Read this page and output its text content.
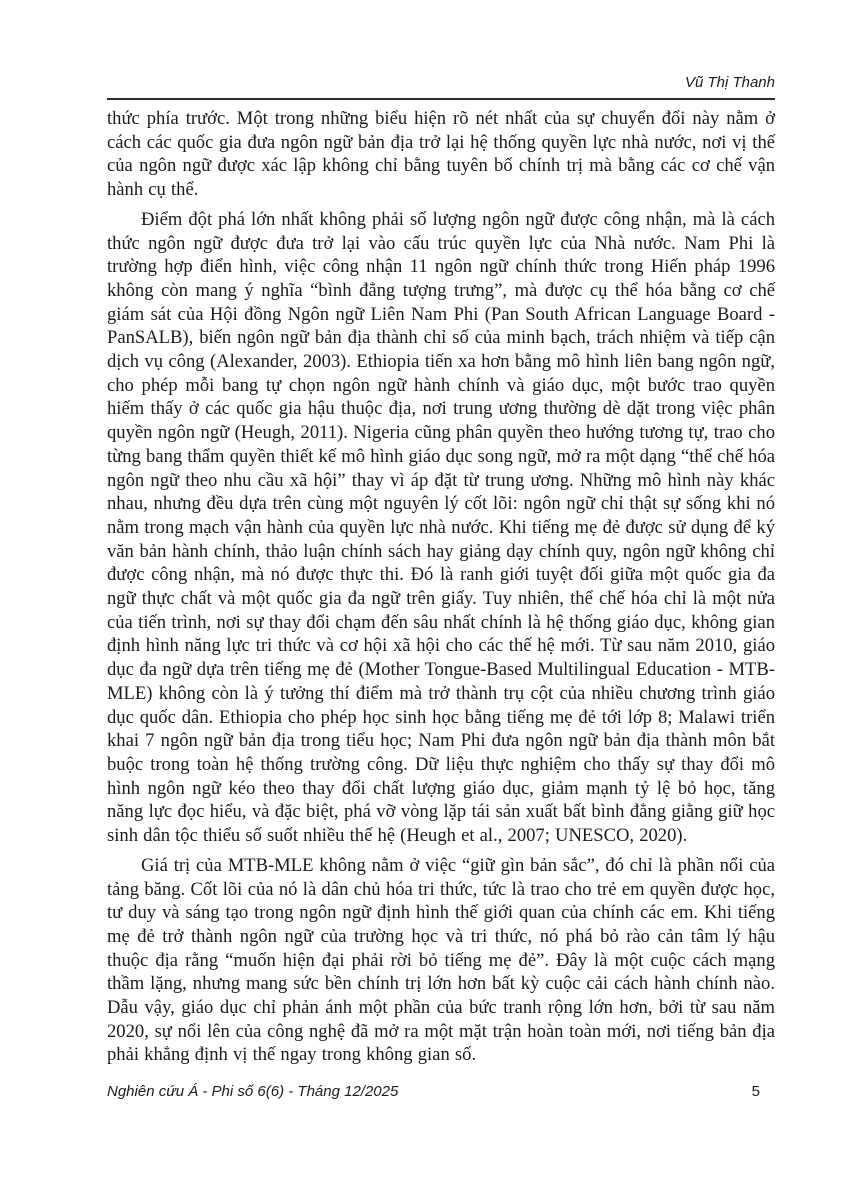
Vũ Thị Thanh

thức phía trước. Một trong những biểu hiện rõ nét nhất của sự chuyển đổi này nằm ở cách các quốc gia đưa ngôn ngữ bản địa trở lại hệ thống quyền lực nhà nước, nơi vị thế của ngôn ngữ được xác lập không chỉ bằng tuyên bố chính trị mà bằng các cơ chế vận hành cụ thể.

Điểm đột phá lớn nhất không phải số lượng ngôn ngữ được công nhận, mà là cách thức ngôn ngữ được đưa trở lại vào cấu trúc quyền lực của Nhà nước. Nam Phi là trường hợp điển hình, việc công nhận 11 ngôn ngữ chính thức trong Hiến pháp 1996 không còn mang ý nghĩa “bình đẳng tượng trưng”, mà được cụ thể hóa bằng cơ chế giám sát của Hội đồng Ngôn ngữ Liên Nam Phi (Pan South African Language Board - PanSALB), biến ngôn ngữ bản địa thành chỉ số của minh bạch, trách nhiệm và tiếp cận dịch vụ công (Alexander, 2003). Ethiopia tiến xa hơn bằng mô hình liên bang ngôn ngữ, cho phép mỗi bang tự chọn ngôn ngữ hành chính và giáo dục, một bước trao quyền hiếm thấy ở các quốc gia hậu thuộc địa, nơi trung ương thường dè dặt trong việc phân quyền ngôn ngữ (Heugh, 2011). Nigeria cũng phân quyền theo hướng tương tự, trao cho từng bang thẩm quyền thiết kế mô hình giáo dục song ngữ, mở ra một dạng “thể chế hóa ngôn ngữ theo nhu cầu xã hội” thay vì áp đặt từ trung ương. Những mô hình này khác nhau, nhưng đều dựa trên cùng một nguyên lý cốt lõi: ngôn ngữ chỉ thật sự sống khi nó nằm trong mạch vận hành của quyền lực nhà nước. Khi tiếng mẹ đẻ được sử dụng để ký văn bản hành chính, thảo luận chính sách hay giảng dạy chính quy, ngôn ngữ không chỉ được công nhận, mà nó được thực thi. Đó là ranh giới tuyệt đối giữa một quốc gia đa ngữ thực chất và một quốc gia đa ngữ trên giấy. Tuy nhiên, thể chế hóa chỉ là một nửa của tiến trình, nơi sự thay đổi chạm đến sâu nhất chính là hệ thống giáo dục, không gian định hình năng lực tri thức và cơ hội xã hội cho các thế hệ mới. Từ sau năm 2010, giáo dục đa ngữ dựa trên tiếng mẹ đẻ (Mother Tongue-Based Multilingual Education - MTB-MLE) không còn là ý tưởng thí điểm mà trở thành trụ cột của nhiều chương trình giáo dục quốc dân. Ethiopia cho phép học sinh học bằng tiếng mẹ đẻ tới lớp 8; Malawi triển khai 7 ngôn ngữ bản địa trong tiểu học; Nam Phi đưa ngôn ngữ bản địa thành môn bắt buộc trong toàn hệ thống trường công. Dữ liệu thực nghiệm cho thấy sự thay đổi mô hình ngôn ngữ kéo theo thay đổi chất lượng giáo dục, giảm mạnh tỷ lệ bỏ học, tăng năng lực đọc hiểu, và đặc biệt, phá vỡ vòng lặp tái sản xuất bất bình đẳng giằng giữ học sinh dân tộc thiểu số suốt nhiều thế hệ (Heugh et al., 2007; UNESCO, 2020).

Giá trị của MTB-MLE không nằm ở việc “giữ gìn bản sắc”, đó chỉ là phần nổi của tảng băng. Cốt lõi của nó là dân chủ hóa tri thức, tức là trao cho trẻ em quyền được học, tư duy và sáng tạo trong ngôn ngữ định hình thế giới quan của chính các em. Khi tiếng mẹ đẻ trở thành ngôn ngữ của trường học và tri thức, nó phá bỏ rào cản tâm lý hậu thuộc địa rằng “muốn hiện đại phải rời bỏ tiếng mẹ đẻ”. Đây là một cuộc cách mạng thầm lặng, nhưng mang sức bền chính trị lớn hơn bất kỳ cuộc cải cách hành chính nào. Dẫu vậy, giáo dục chỉ phản ánh một phần của bức tranh rộng lớn hơn, bởi từ sau năm 2020, sự nổi lên của công nghệ đã mở ra một mặt trận hoàn toàn mới, nơi tiếng bản địa phải khẳng định vị thế ngay trong không gian số.

Nghiên cứu Á - Phi số 6(6) - Tháng 12/2025	5
